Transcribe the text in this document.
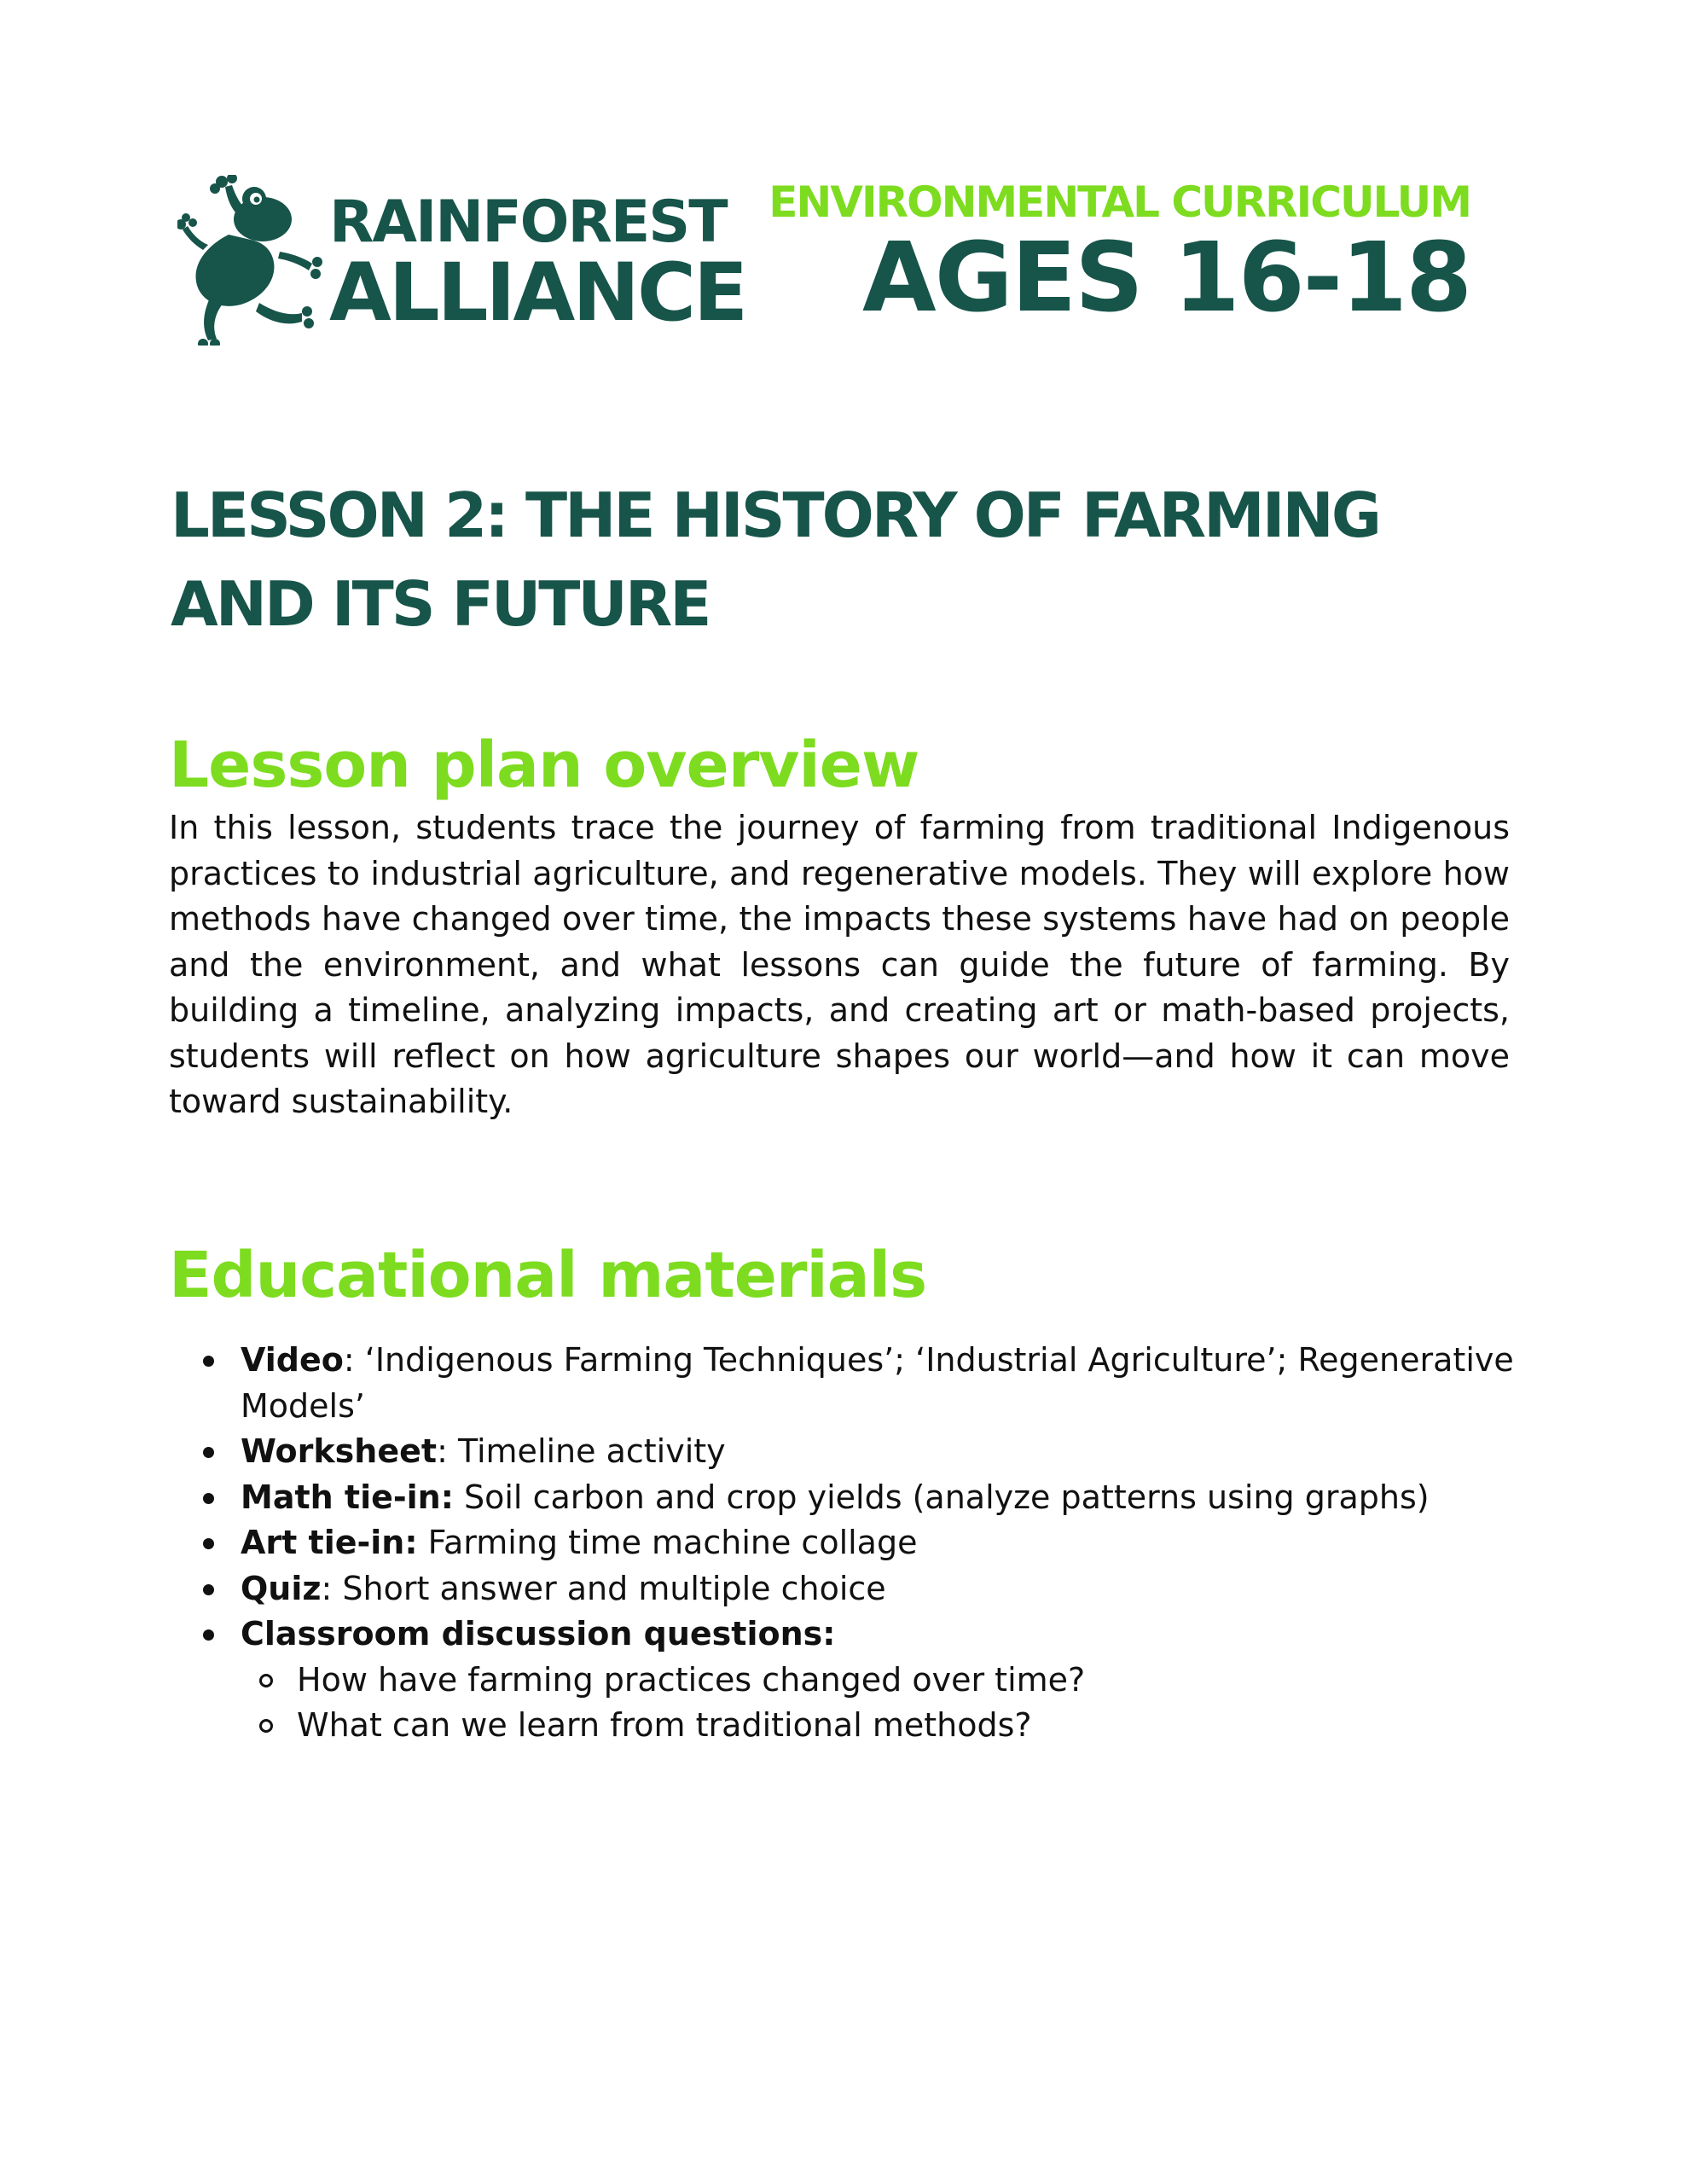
RAINFOREST
ALLIANCE
ENVIRONMENTAL CURRICULUM
AGES 16-18
LESSON 2: THE HISTORY OF FARMING AND ITS FUTURE
Lesson plan overview

In this lesson, students trace the journey of farming from traditional Indigenous practices to industrial agriculture, and regenerative models. They will explore how methods have changed over time, the impacts these systems have had on people and the environment, and what lessons can guide the future of farming. By building a timeline, analyzing impacts, and creating art or math-based projects, students will reflect on how agriculture shapes our world—and how it can move toward sustainability.

Educational materials
Video: ‘Indigenous Farming Techniques’; ‘Industrial Agriculture’; Regenerative Models’
Worksheet: Timeline activity
Math tie-in: Soil carbon and crop yields (analyze patterns using graphs)
Art tie-in: Farming time machine collage
Quiz: Short answer and multiple choice
Classroom discussion questions:
How have farming practices changed over time?
What can we learn from traditional methods?
